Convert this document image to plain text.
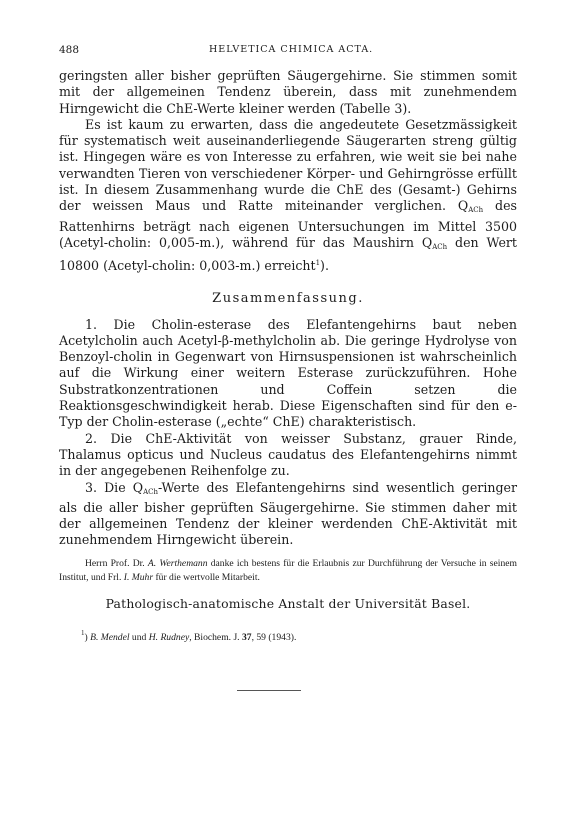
488	HELVETICA CHIMICA ACTA.

geringsten aller bisher geprüften Säugergehirne. Sie stimmen somit mit der allgemeinen Tendenz überein, dass mit zunehmendem Hirngewicht die ChE-Werte kleiner werden (Tabelle 3).

Es ist kaum zu erwarten, dass die angedeutete Gesetzmässigkeit für systematisch weit auseinanderliegende Säugerarten streng gültig ist. Hingegen wäre es von Interesse zu erfahren, wie weit sie bei nahe verwandten Tieren von verschiedener Körper- und Gehirngrösse erfüllt ist. In diesem Zusammenhang wurde die ChE des (Gesamt-) Gehirns der weissen Maus und Ratte miteinander verglichen. $Q_{ACh}$ des Rattenhirns beträgt nach eigenen Untersuchungen im Mittel 3500 (Acetyl-cholin: 0,005-m.), während für das Maushirn $Q_{ACh}$ den Wert 10800 (Acetyl-cholin: 0,003-m.) erreicht$^1$).

Zusammenfassung.

1. Die Cholin-esterase des Elefantengehirns baut neben Acetylcholin auch Acetyl-β-methylcholin ab. Die geringe Hydrolyse von Benzoyl-cholin in Gegenwart von Hirnsuspensionen ist wahrscheinlich auf die Wirkung einer weitern Esterase zurückzuführen. Hohe Substratkonzentrationen und Coffein setzen die Reaktionsgeschwindigkeit herab. Diese Eigenschaften sind für den e-Typ der Cholin-esterase („echte“ ChE) charakteristisch.

2. Die ChE-Aktivität von weisser Substanz, grauer Rinde, Thalamus opticus und Nucleus caudatus des Elefantengehirns nimmt in der angegebenen Reihenfolge zu.

3. Die $Q_{ACh}$-Werte des Elefantengehirns sind wesentlich geringer als die aller bisher geprüften Säugergehirne. Sie stimmen daher mit der allgemeinen Tendenz der kleiner werdenden ChE-Aktivität mit zunehmendem Hirngewicht überein.

Herrn Prof. Dr. A. Werthemann danke ich bestens für die Erlaubnis zur Durchführung der Versuche in seinem Institut, und Frl. I. Muhr für die wertvolle Mitarbeit.

Pathologisch-anatomische Anstalt der Universität Basel.
$^1$) B. Mendel und H. Rudney, Biochem. J. 37, 59 (1943).
